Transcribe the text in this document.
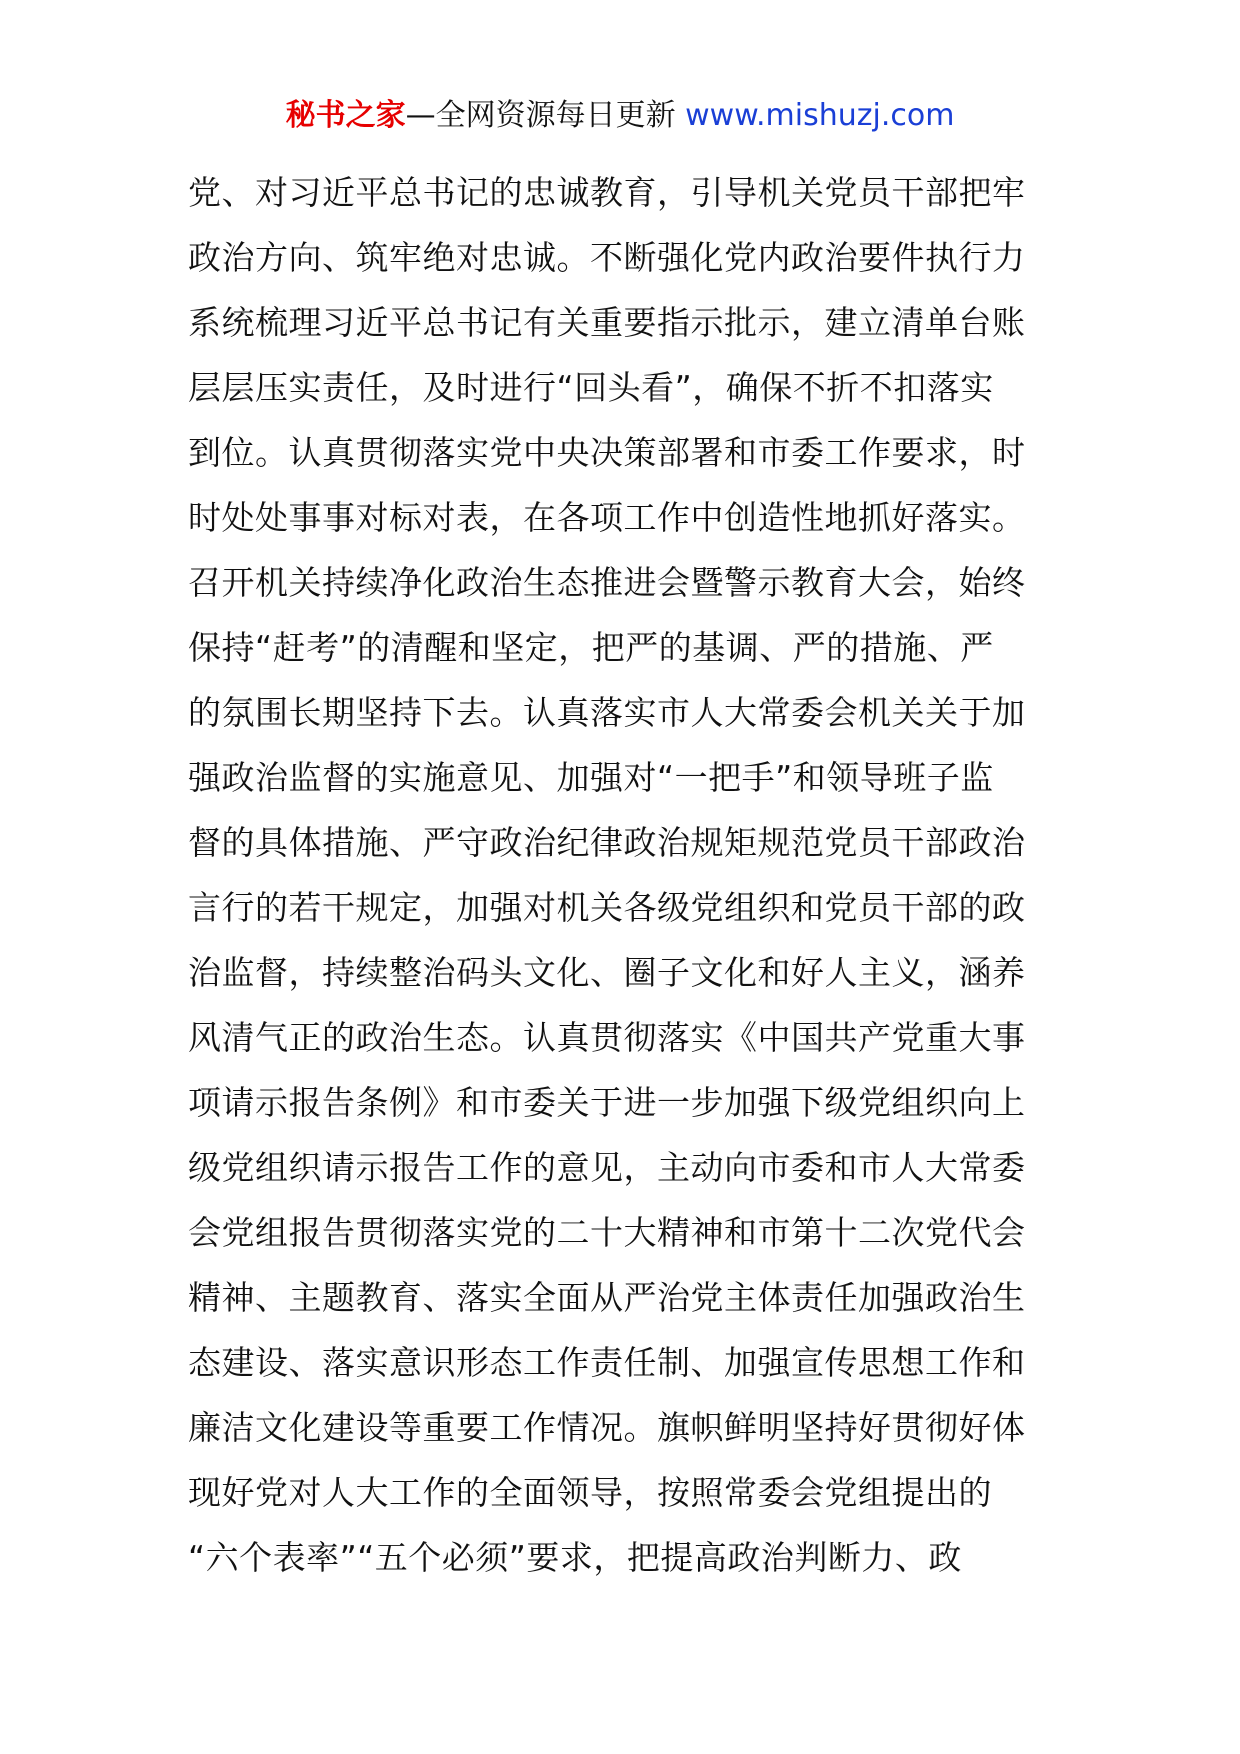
秘书之家—全网资源每日更新 www.mishuzj.com
党、对习近平总书记的忠诚教育，引导机关党员干部把牢
政治方向、筑牢绝对忠诚。不断强化党内政治要件执行力
系统梳理习近平总书记有关重要指示批示，建立清单台账
层层压实责任，及时进行“回头看”，确保不折不扣落实
到位。认真贯彻落实党中央决策部署和市委工作要求，时
时处处事事对标对表，在各项工作中创造性地抓好落实。
召开机关持续净化政治生态推进会暨警示教育大会，始终
保持“赶考”的清醒和坚定，把严的基调、严的措施、严
的氛围长期坚持下去。认真落实市人大常委会机关关于加
强政治监督的实施意见、加强对“一把手”和领导班子监
督的具体措施、严守政治纪律政治规矩规范党员干部政治
言行的若干规定，加强对机关各级党组织和党员干部的政
治监督，持续整治码头文化、圈子文化和好人主义，涵养
风清气正的政治生态。认真贯彻落实《中国共产党重大事
项请示报告条例》和市委关于进一步加强下级党组织向上
级党组织请示报告工作的意见，主动向市委和市人大常委
会党组报告贯彻落实党的二十大精神和市第十二次党代会
精神、主题教育、落实全面从严治党主体责任加强政治生
态建设、落实意识形态工作责任制、加强宣传思想工作和
廉洁文化建设等重要工作情况。旗帜鲜明坚持好贯彻好体
现好党对人大工作的全面领导，按照常委会党组提出的
“六个表率”“五个必须”要求，把提高政治判断力、政
